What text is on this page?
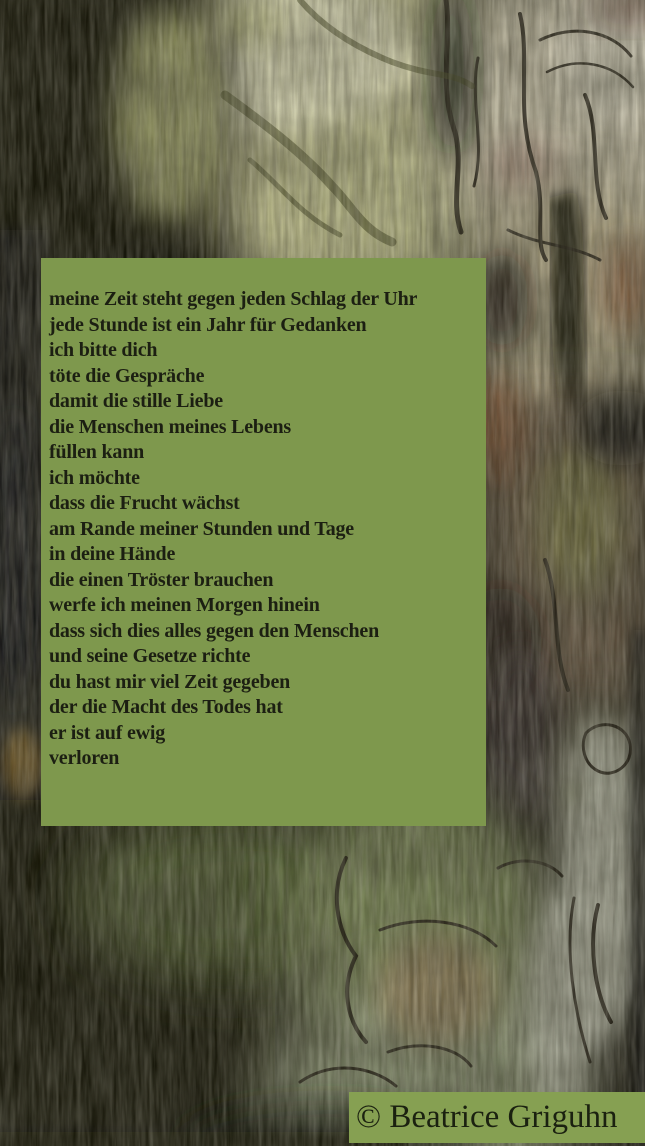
meine Zeit steht gegen jeden Schlag der Uhr
jede Stunde ist ein Jahr für Gedanken
ich bitte dich
töte die Gespräche
damit die stille Liebe
die Menschen meines Lebens
füllen kann
ich möchte
dass die Frucht wächst
am Rande meiner Stunden und Tage
in deine Hände
die einen Tröster brauchen
werfe ich meinen Morgen hinein
dass sich dies alles gegen den Menschen
und seine Gesetze richte
du hast mir viel Zeit gegeben
der die Macht des Todes hat
er ist auf ewig
verloren
© Beatrice Griguhn
